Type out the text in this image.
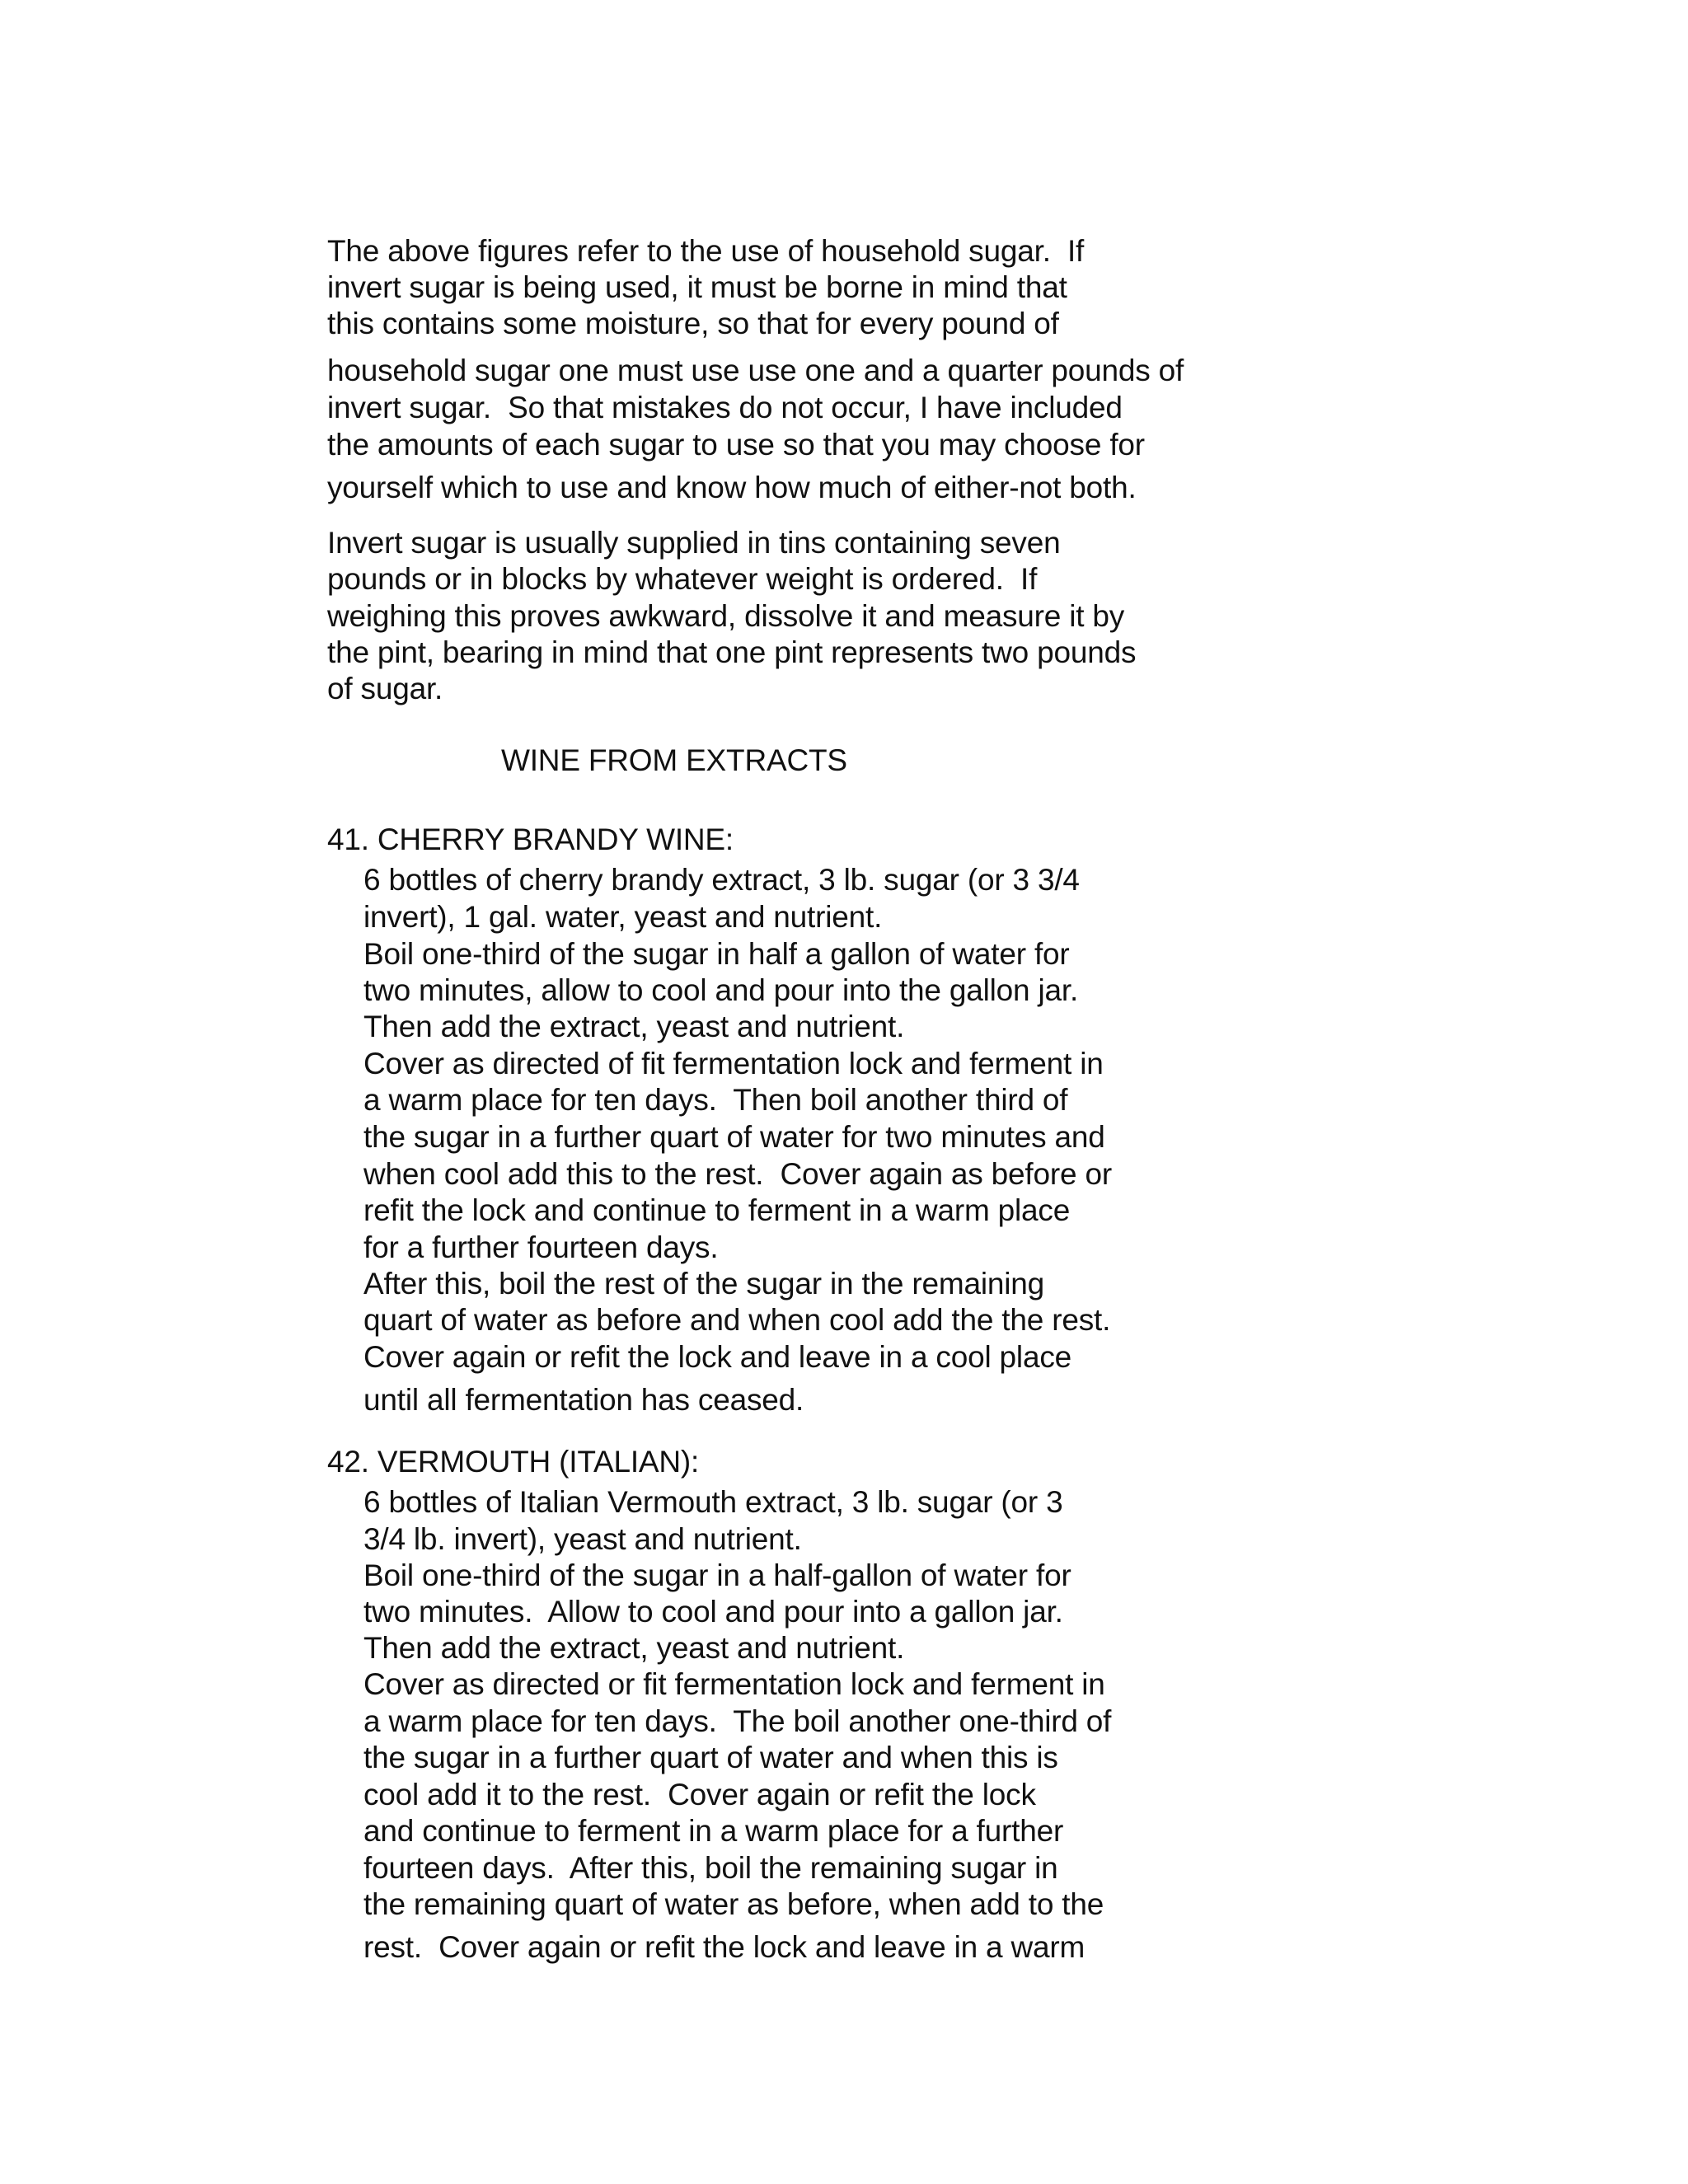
The above figures refer to the use of household sugar.  If
invert sugar is being used, it must be borne in mind that
this contains some moisture, so that for every pound of
household sugar one must use use one and a quarter pounds of
invert sugar.  So that mistakes do not occur, I have included
the amounts of each sugar to use so that you may choose for
yourself which to use and know how much of either-not both.
Invert sugar is usually supplied in tins containing seven
pounds or in blocks by whatever weight is ordered.  If
weighing this proves awkward, dissolve it and measure it by
the pint, bearing in mind that one pint represents two pounds
of sugar.
WINE FROM EXTRACTS
41. CHERRY BRANDY WINE:
6 bottles of cherry brandy extract, 3 lb. sugar (or 3 3/4
invert), 1 gal. water, yeast and nutrient.
Boil one-third of the sugar in half a gallon of water for
two minutes, allow to cool and pour into the gallon jar.
Then add the extract, yeast and nutrient.
Cover as directed of fit fermentation lock and ferment in
a warm place for ten days.  Then boil another third of
the sugar in a further quart of water for two minutes and
when cool add this to the rest.  Cover again as before or
refit the lock and continue to ferment in a warm place
for a further fourteen days.
After this, boil the rest of the sugar in the remaining
quart of water as before and when cool add the the rest.
Cover again or refit the lock and leave in a cool place
until all fermentation has ceased.
42. VERMOUTH (ITALIAN):
6 bottles of Italian Vermouth extract, 3 lb. sugar (or 3
3/4 lb. invert), yeast and nutrient.
Boil one-third of the sugar in a half-gallon of water for
two minutes.  Allow to cool and pour into a gallon jar.
Then add the extract, yeast and nutrient.
Cover as directed or fit fermentation lock and ferment in
a warm place for ten days.  The boil another one-third of
the sugar in a further quart of water and when this is
cool add it to the rest.  Cover again or refit the lock
and continue to ferment in a warm place for a further
fourteen days.  After this, boil the remaining sugar in
the remaining quart of water as before, when add to the
rest.  Cover again or refit the lock and leave in a warm
